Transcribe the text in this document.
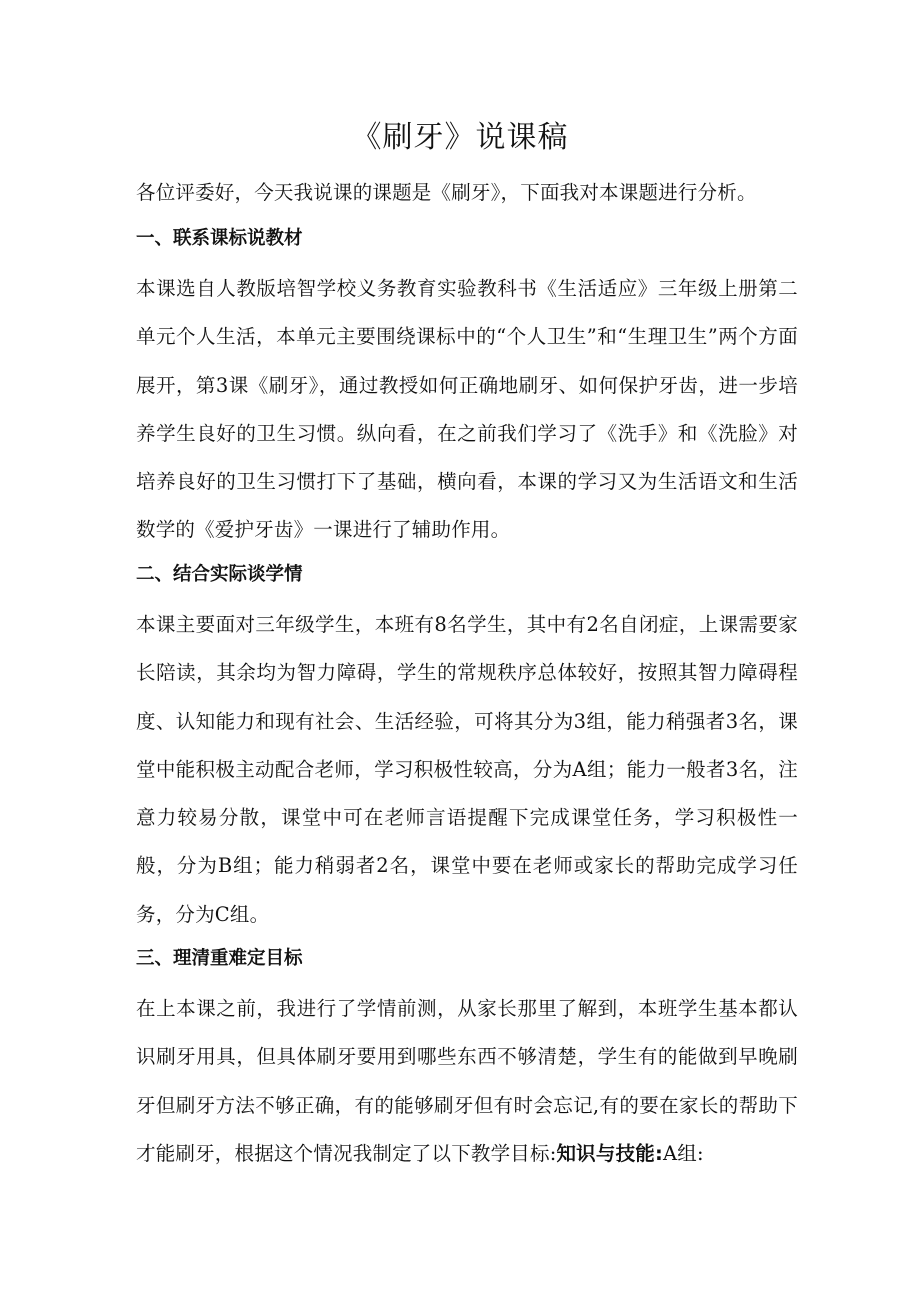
《刷牙》说课稿

各位评委好，今天我说课的课题是《刷牙》，下面我对本课题进行分析。

一、联系课标说教材

本课选自人教版培智学校义务教育实验教科书《生活适应》三年级上册第二单元个人生活，本单元主要围绕课标中的“个人卫生”和“生理卫生”两个方面展开，第3课《刷牙》，通过教授如何正确地刷牙、如何保护牙齿，进一步培养学生良好的卫生习惯。纵向看，在之前我们学习了《洗手》和《洗脸》对培养良好的卫生习惯打下了基础，横向看，本课的学习又为生活语文和生活数学的《爱护牙齿》一课进行了辅助作用。

二、结合实际谈学情

本课主要面对三年级学生，本班有8名学生，其中有2名自闭症，上课需要家长陪读，其余均为智力障碍，学生的常规秩序总体较好，按照其智力障碍程度、认知能力和现有社会、生活经验，可将其分为3组，能力稍强者3名，课堂中能积极主动配合老师，学习积极性较高，分为A组；能力一般者3名，注意力较易分散，课堂中可在老师言语提醒下完成课堂任务，学习积极性一般，分为B组；能力稍弱者2名，课堂中要在老师或家长的帮助完成学习任务，分为C组。

三、理清重难定目标

在上本课之前，我进行了学情前测，从家长那里了解到，本班学生基本都认识刷牙用具，但具体刷牙要用到哪些东西不够清楚，学生有的能做到早晚刷牙但刷牙方法不够正确，有的能够刷牙但有时会忘记,有的要在家长的帮助下才能刷牙，根据这个情况我制定了以下教学目标:知识与技能:A组:
